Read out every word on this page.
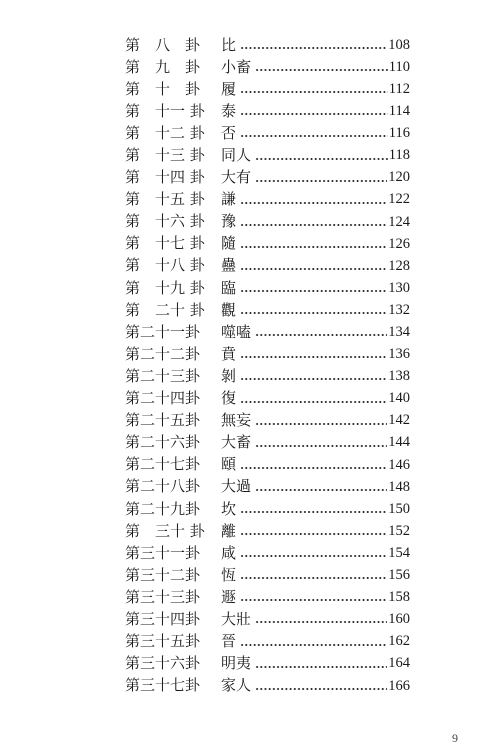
第　八　卦	比	108
第　九　卦	小畜	110
第　十　卦	履	112
第　十一 卦	泰	114
第　十二 卦	否	116
第　十三 卦	同人	118
第　十四 卦	大有	120
第　十五 卦	謙	122
第　十六 卦	豫	124
第　十七 卦	隨	126
第　十八 卦	蠱	128
第　十九 卦	臨	130
第　二十 卦	觀	132
第二十一卦	噬嗑	134
第二十二卦	賁	136
第二十三卦	剝	138
第二十四卦	復	140
第二十五卦	無妄	142
第二十六卦	大畜	144
第二十七卦	頤	146
第二十八卦	大過	148
第二十九卦	坎	150
第　三十 卦	離	152
第三十一卦	咸	154
第三十二卦	恆	156
第三十三卦	遯	158
第三十四卦	大壯	160
第三十五卦	晉	162
第三十六卦	明夷	164
第三十七卦	家人	166
9
